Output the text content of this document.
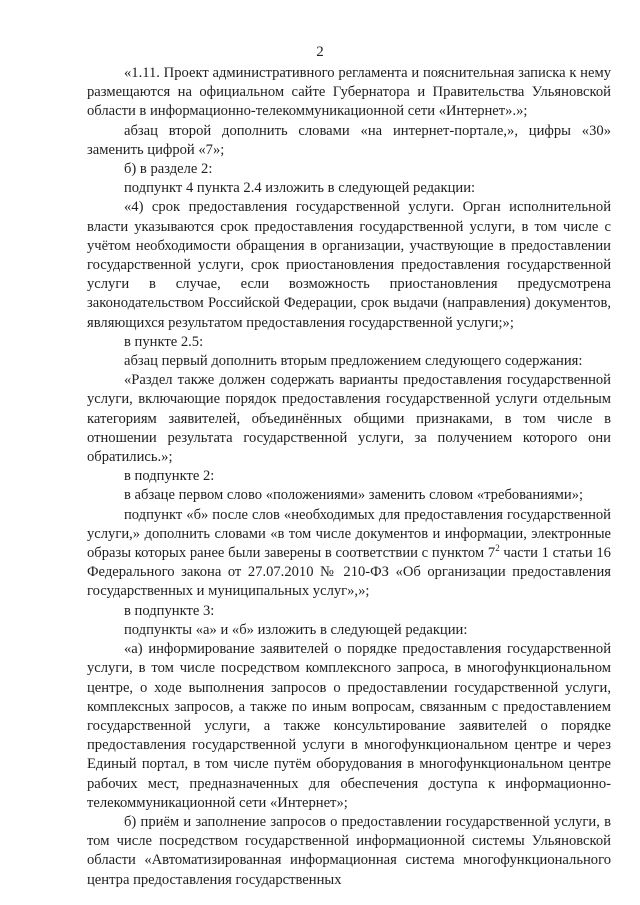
2

«1.11. Проект административного регламента и пояснительная записка к нему размещаются на официальном сайте Губернатора и Правительства Ульяновской области в информационно-телекоммуникационной сети «Интернет».»;

абзац второй дополнить словами «на интернет-портале,», цифры «30» заменить цифрой «7»;

б) в разделе 2:

подпункт 4 пункта 2.4 изложить в следующей редакции:

«4) срок предоставления государственной услуги. Орган исполнительной власти указываются срок предоставления государственной услуги, в том числе с учётом необходимости обращения в организации, участвующие в предоставлении государственной услуги, срок приостановления предоставления государственной услуги в случае, если возможность приостановления предусмотрена законодательством Российской Федерации, срок выдачи (направления) документов, являющихся результатом предоставления государственной услуги;»;

в пункте 2.5:

абзац первый дополнить вторым предложением следующего содержания:

«Раздел также должен содержать варианты предоставления государственной услуги, включающие порядок предоставления государственной услуги отдельным категориям заявителей, объединённых общими признаками, в том числе в отношении результата государственной услуги, за получением которого они обратились.»;

в подпункте 2:

в абзаце первом слово «положениями» заменить словом «требованиями»;

подпункт «б» после слов «необходимых для предоставления государственной услуги,» дополнить словами «в том числе документов и информации, электронные образы которых ранее были заверены в соответствии с пунктом $7^2$ части 1 статьи 16 Федерального закона от 27.07.2010 № 210-ФЗ «Об организации предоставления государственных и муниципальных услуг»,»;

в подпункте 3:

подпункты «а» и «б» изложить в следующей редакции:

«а) информирование заявителей о порядке предоставления государственной услуги, в том числе посредством комплексного запроса, в многофункциональном центре, о ходе выполнения запросов о предоставлении государственной услуги, комплексных запросов, а также по иным вопросам, связанным с предоставлением государственной услуги, а также консультирование заявителей о порядке предоставления государственной услуги в многофункциональном центре и через Единый портал, в том числе путём оборудования в многофункциональном центре рабочих мест, предназначенных для обеспечения доступа к информационно-телекоммуникационной сети «Интернет»;

б) приём и заполнение запросов о предоставлении государственной услуги, в том числе посредством государственной информационной системы Ульяновской области «Автоматизированная информационная система многофункционального центра предоставления государственных
